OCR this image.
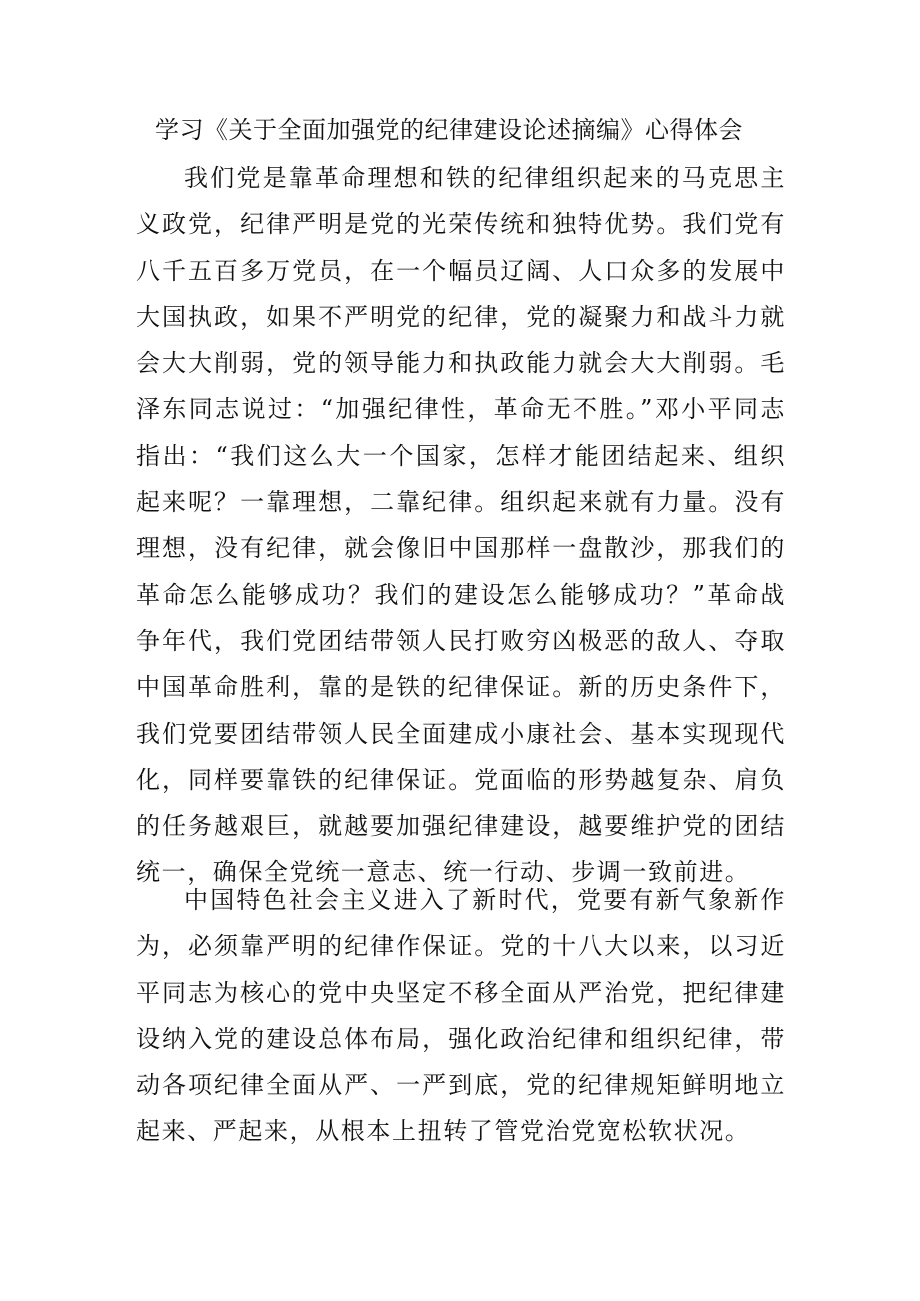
学习《关于全面加强党的纪律建设论述摘编》心得体会

我们党是靠革命理想和铁的纪律组织起来的马克思主义政党，纪律严明是党的光荣传统和独特优势。我们党有八千五百多万党员，在一个幅员辽阔、人口众多的发展中大国执政，如果不严明党的纪律，党的凝聚力和战斗力就会大大削弱，党的领导能力和执政能力就会大大削弱。毛泽东同志说过：“加强纪律性，革命无不胜。”邓小平同志指出：“我们这么大一个国家，怎样才能团结起来、组织起来呢？一靠理想，二靠纪律。组织起来就有力量。没有理想，没有纪律，就会像旧中国那样一盘散沙，那我们的革命怎么能够成功？我们的建设怎么能够成功？”革命战争年代，我们党团结带领人民打败穷凶极恶的敌人、夺取中国革命胜利，靠的是铁的纪律保证。新的历史条件下，我们党要团结带领人民全面建成小康社会、基本实现现代化，同样要靠铁的纪律保证。党面临的形势越复杂、肩负的任务越艰巨，就越要加强纪律建设，越要维护党的团结统一，确保全党统一意志、统一行动、步调一致前进。

中国特色社会主义进入了新时代，党要有新气象新作为，必须靠严明的纪律作保证。党的十八大以来，以习近平同志为核心的党中央坚定不移全面从严治党，把纪律建设纳入党的建设总体布局，强化政治纪律和组织纪律，带动各项纪律全面从严、一严到底，党的纪律规矩鲜明地立起来、严起来，从根本上扭转了管党治党宽松软状况。
